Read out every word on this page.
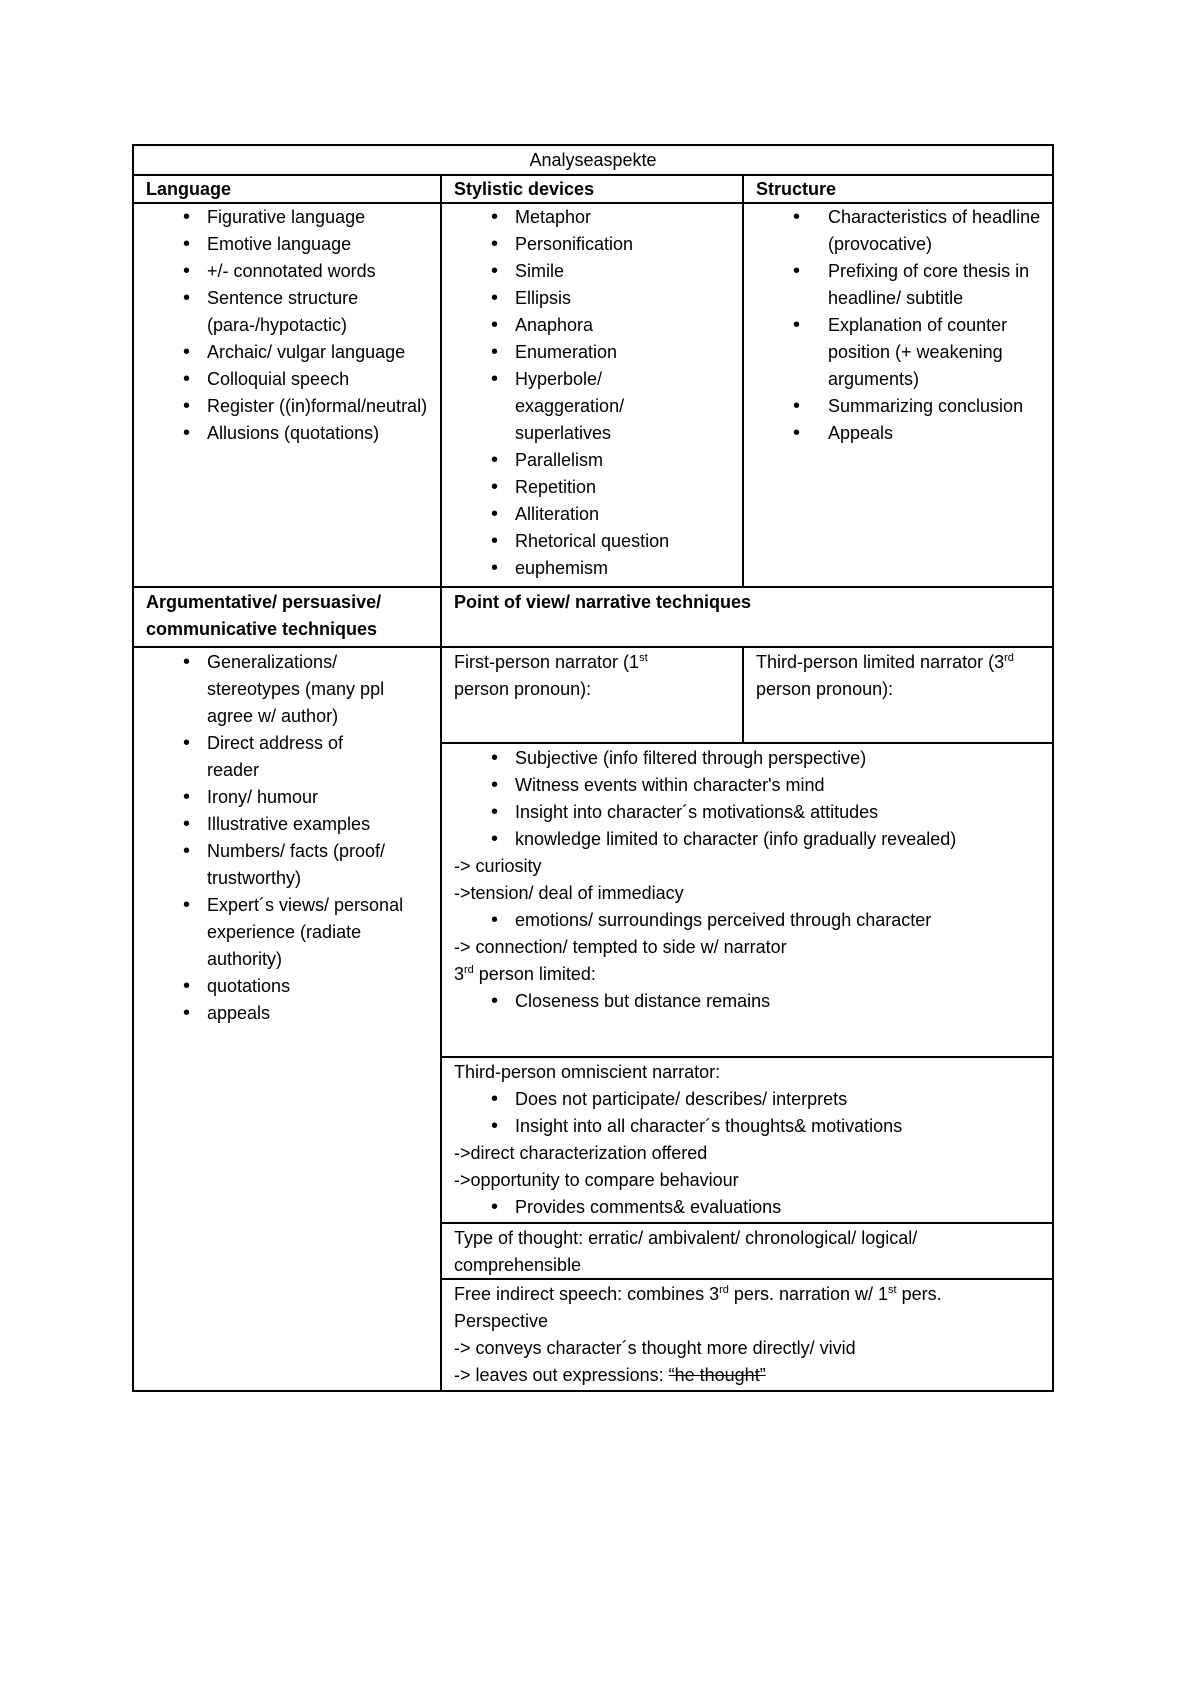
Analyseaspekte
Language	Stylistic devices	Structure
• Figurative language
• Emotive language
• +/- connotated words
• Sentence structure (para-/hypotactic)
• Archaic/ vulgar language
• Colloquial speech
• Register ((in)formal/neutral)
• Allusions (quotations)
• Metaphor
• Personification
• Simile
• Ellipsis
• Anaphora
• Enumeration
• Hyperbole/ exaggeration/ superlatives
• Parallelism
• Repetition
• Alliteration
• Rhetorical question
• euphemism
• Characteristics of headline (provocative)
• Prefixing of core thesis in headline/ subtitle
• Explanation of counter position (+ weakening arguments)
• Summarizing conclusion
• Appeals
Argumentative/ persuasive/ communicative techniques
Point of view/ narrative techniques
• Generalizations/ stereotypes (many ppl agree w/ author)
• Direct address of reader
• Irony/ humour
• Illustrative examples
• Numbers/ facts (proof/ trustworthy)
• Expert´s views/ personal experience (radiate authority)
• quotations
• appeals
First-person narrator (1st person pronoun):
Third-person limited narrator (3rd person pronoun):
• Subjective (info filtered through perspective)
• Witness events within character's mind
• Insight into character´s motivations& attitudes
• knowledge limited to character (info gradually revealed)
-> curiosity
->tension/ deal of immediacy
• emotions/ surroundings perceived through character
-> connection/ tempted to side w/ narrator
3rd person limited:
• Closeness but distance remains
Third-person omniscient narrator:
• Does not participate/ describes/ interprets
• Insight into all character´s thoughts& motivations
->direct characterization offered
->opportunity to compare behaviour
• Provides comments& evaluations
Type of thought: erratic/ ambivalent/ chronological/ logical/ comprehensible
Free indirect speech: combines 3rd pers. narration w/ 1st pers.
Perspective
-> conveys character´s thought more directly/ vivid
-> leaves out expressions: “he thought”
